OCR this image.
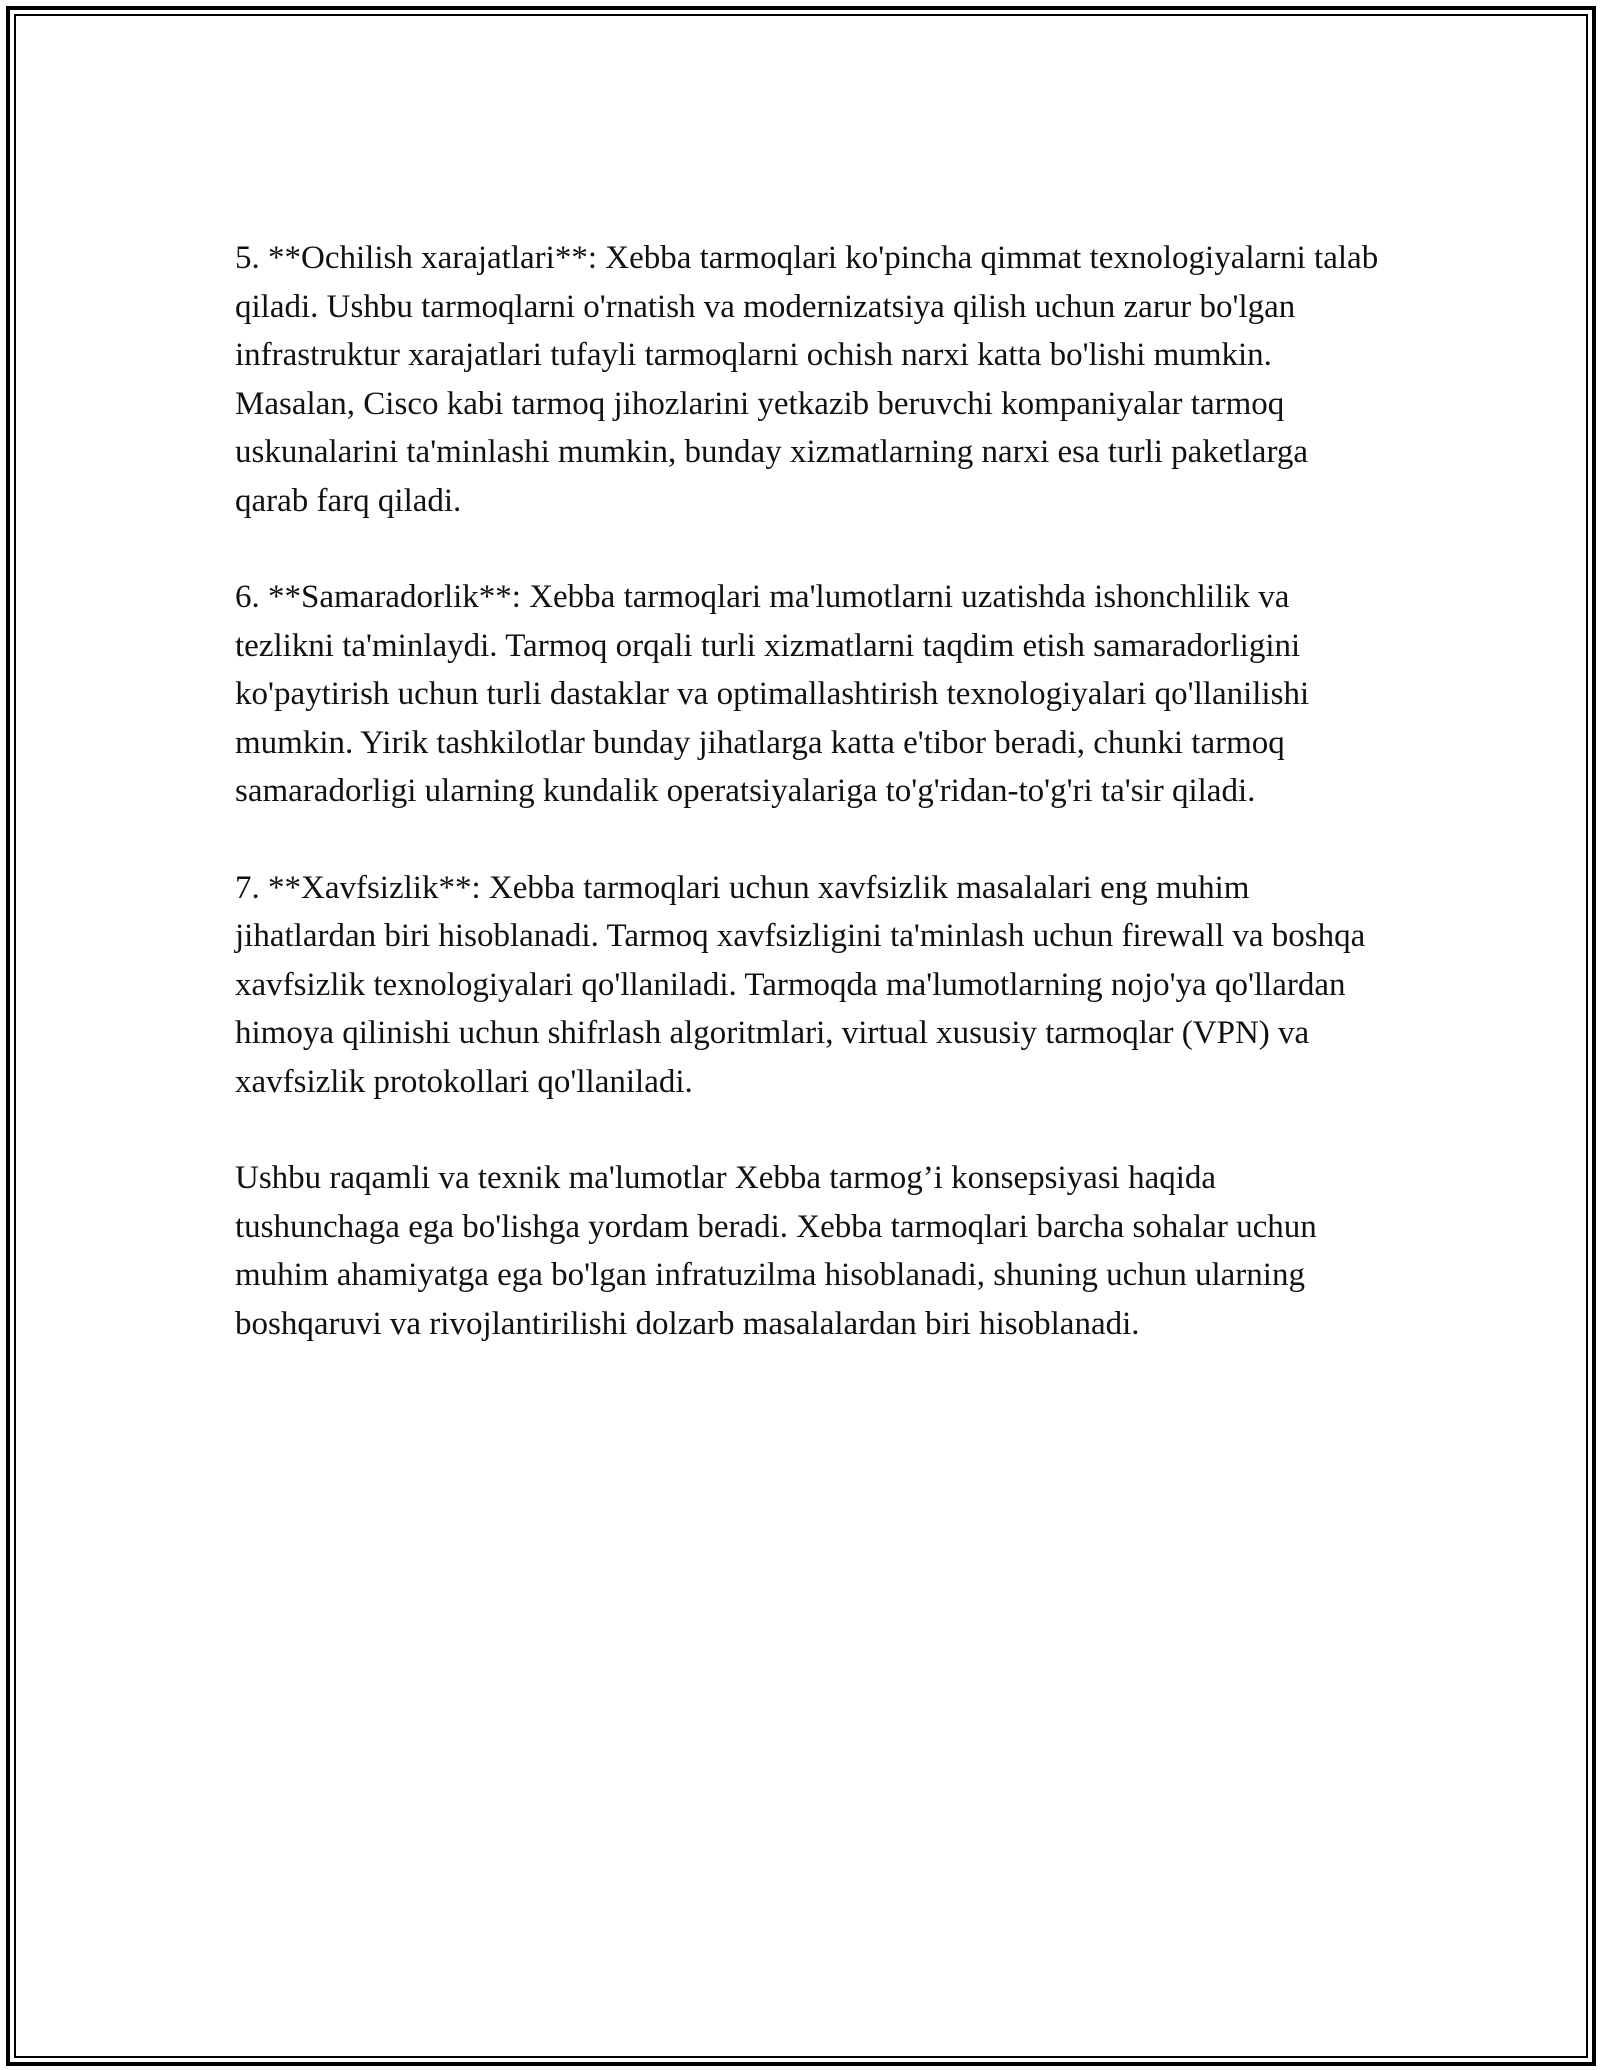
5. **Ochilish xarajatlari**: Xebba tarmoqlari ko'pincha qimmat texnologiyalarni talab qiladi. Ushbu tarmoqlarni o'rnatish va modernizatsiya qilish uchun zarur bo'lgan infrastruktur xarajatlari tufayli tarmoqlarni ochish narxi katta bo'lishi mumkin. Masalan, Cisco kabi tarmoq jihozlarini yetkazib beruvchi kompaniyalar tarmoq uskunalarini ta'minlashi mumkin, bunday xizmatlarning narxi esa turli paketlarga qarab farq qiladi.

6. **Samaradorlik**: Xebba tarmoqlari ma'lumotlarni uzatishda ishonchlilik va tezlikni ta'minlaydi. Tarmoq orqali turli xizmatlarni taqdim etish samaradorligini ko'paytirish uchun turli dastaklar va optimallashtirish texnologiyalari qo'llanilishi mumkin. Yirik tashkilotlar bunday jihatlarga katta e'tibor beradi, chunki tarmoq samaradorligi ularning kundalik operatsiyalariga to'g'ridan-to'g'ri ta'sir qiladi.

7. **Xavfsizlik**: Xebba tarmoqlari uchun xavfsizlik masalalari eng muhim jihatlardan biri hisoblanadi. Tarmoq xavfsizligini ta'minlash uchun firewall va boshqa xavfsizlik texnologiyalari qo'llaniladi. Tarmoqda ma'lumotlarning nojo'ya qo'llardan himoya qilinishi uchun shifrlash algoritmlari, virtual xususiy tarmoqlar (VPN) va xavfsizlik protokollari qo'llaniladi.

Ushbu raqamli va texnik ma'lumotlar Xebba tarmog’i konsepsiyasi haqida tushunchaga ega bo'lishga yordam beradi. Xebba tarmoqlari barcha sohalar uchun muhim ahamiyatga ega bo'lgan infratuzilma hisoblanadi, shuning uchun ularning boshqaruvi va rivojlantirilishi dolzarb masalalardan biri hisoblanadi.
